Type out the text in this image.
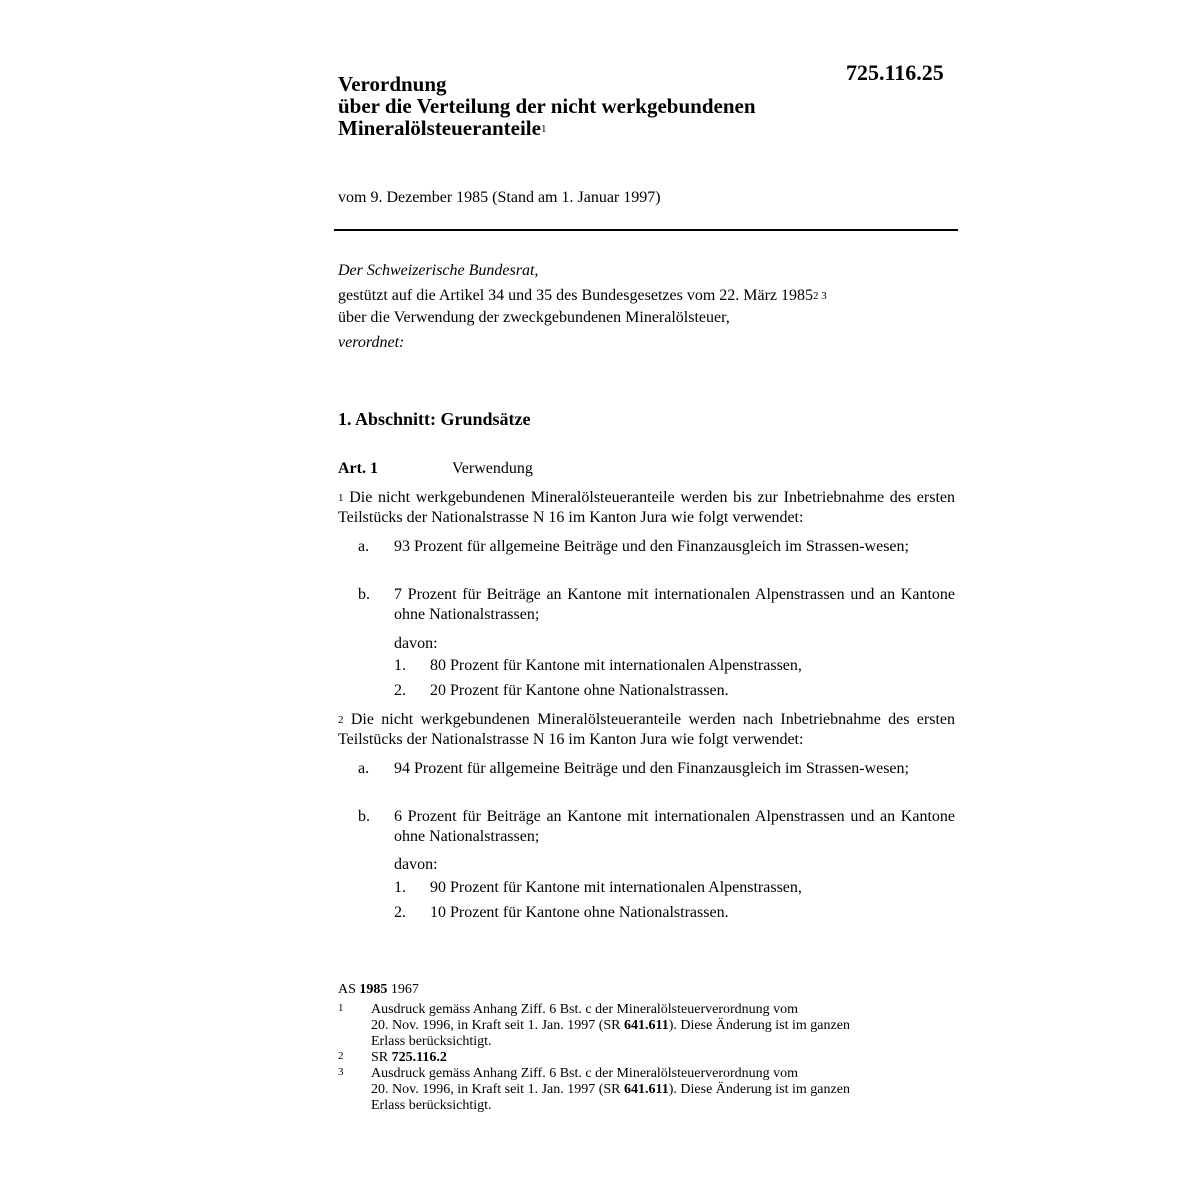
725.116.25
Verordnung
über die Verteilung der nicht werkgebundenen
Mineralölsteueranteile$^1$
vom 9. Dezember 1985 (Stand am 1. Januar 1997)
Der Schweizerische Bundesrat,
gestützt auf die Artikel 34 und 35 des Bundesgesetzes vom 22. März $1985^{2 3}$
über die Verwendung der zweckgebundenen Mineralölsteuer,
verordnet:
1. Abschnitt: Grundsätze
Art. 1	Verwendung
$^1$ Die nicht werkgebundenen Mineralölsteueranteile werden bis zur Inbetriebnahme des ersten Teilstücks der Nationalstrasse N 16 im Kanton Jura wie folgt verwendet:
a. 93 Prozent für allgemeine Beiträge und den Finanzausgleich im Strassen-wesen;
b. 7 Prozent für Beiträge an Kantone mit internationalen Alpenstrassen und an Kantone ohne Nationalstrassen;
davon:
1. 80 Prozent für Kantone mit internationalen Alpenstrassen,
2. 20 Prozent für Kantone ohne Nationalstrassen.
$^2$ Die nicht werkgebundenen Mineralölsteueranteile werden nach Inbetriebnahme des ersten Teilstücks der Nationalstrasse N 16 im Kanton Jura wie folgt verwendet:
a. 94 Prozent für allgemeine Beiträge und den Finanzausgleich im Strassen-wesen;
b. 6 Prozent für Beiträge an Kantone mit internationalen Alpenstrassen und an Kantone ohne Nationalstrassen;
davon:
1. 90 Prozent für Kantone mit internationalen Alpenstrassen,
2. 10 Prozent für Kantone ohne Nationalstrassen.
AS 1985 1967
1 Ausdruck gemäss Anhang Ziff. 6 Bst. c der Mineralölsteuerverordnung vom
20. Nov. 1996, in Kraft seit 1. Jan. 1997 (SR 641.611). Diese Änderung ist im ganzen
Erlass berücksichtigt.
2 SR 725.116.2
3 Ausdruck gemäss Anhang Ziff. 6 Bst. c der Mineralölsteuerverordnung vom
20. Nov. 1996, in Kraft seit 1. Jan. 1997 (SR 641.611). Diese Änderung ist im ganzen
Erlass berücksichtigt.
